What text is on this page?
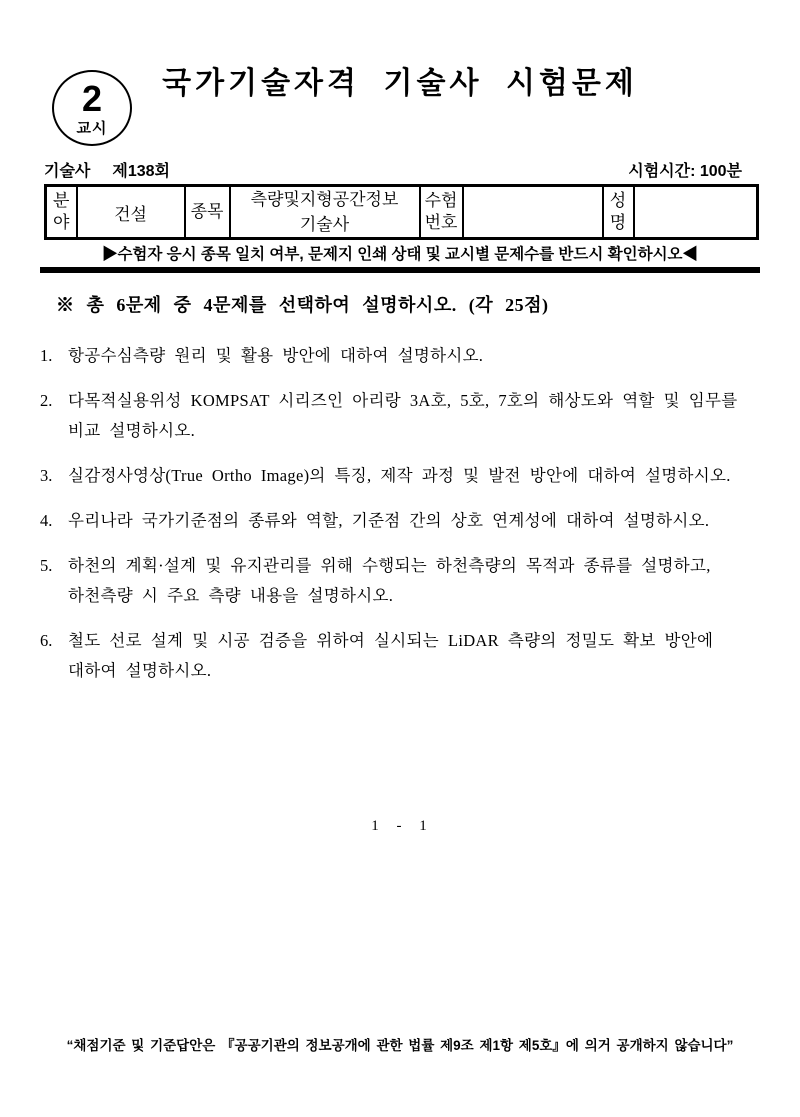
2
교시
국가기술자격 기술사 시험문제
기술사 제138회	시험시간: 100분
분야	건설	종목	측량및지형공간정보 기술사	수험번호		성명	
▶수험자 응시 종목 일치 여부, 문제지 인쇄 상태 및 교시별 문제수를 반드시 확인하시오◀
※ 총 6문제 중 4문제를 선택하여 설명하시오. (각 25점)
1. 항공수심측량 원리 및 활용 방안에 대하여 설명하시오.
2. 다목적실용위성 KOMPSAT 시리즈인 아리랑 3A호, 5호, 7호의 해상도와 역할 및 임무를 비교 설명하시오.
3. 실감정사영상(True Ortho Image)의 특징, 제작 과정 및 발전 방안에 대하여 설명하시오.
4. 우리나라 국가기준점의 종류와 역할, 기준점 간의 상호 연계성에 대하여 설명하시오.
5. 하천의 계획·설계 및 유지관리를 위해 수행되는 하천측량의 목적과 종류를 설명하고, 하천측량 시 주요 측량 내용을 설명하시오.
6. 철도 선로 설계 및 시공 검증을 위하여 실시되는 LiDAR 측량의 정밀도 확보 방안에 대하여 설명하시오.
1 - 1
“채점기준 및 기준답안은 『공공기관의 정보공개에 관한 법률 제9조 제1항 제5호』에 의거 공개하지 않습니다”
